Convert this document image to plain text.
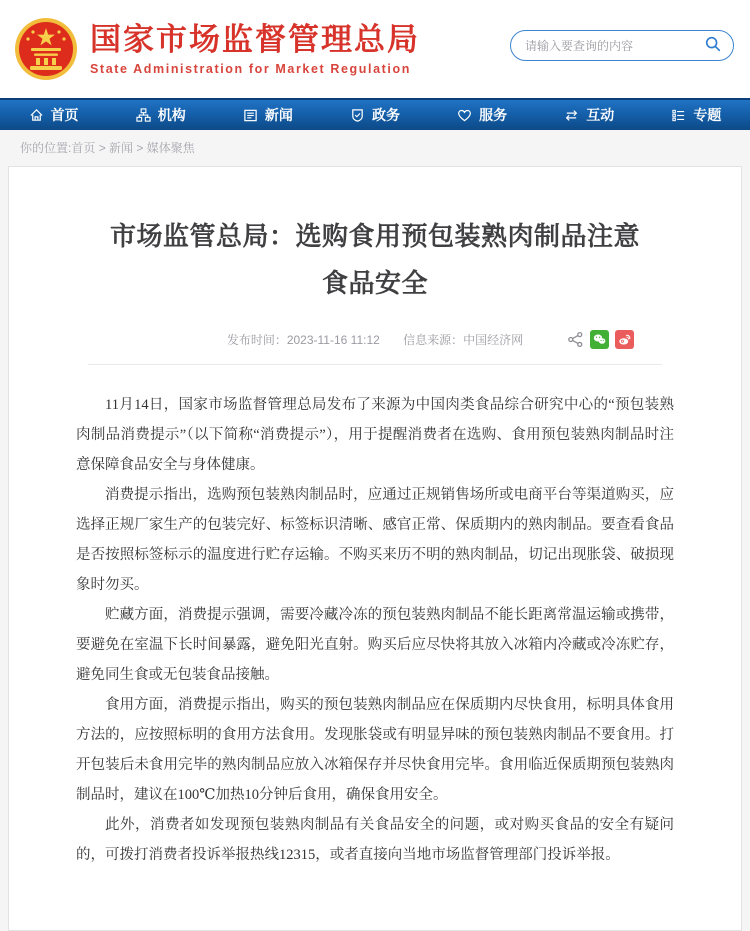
国家市场监督管理总局
State Administration for Market Regulation
请输入要查询的内容
首页	机构	新闻	政务	服务	互动	专题
你的位置:首页 > 新闻 > 媒体聚焦
市场监管总局：选购食用预包装熟肉制品注意食品安全
发布时间：2023-11-16 11:12 信息来源：中国经济网

11月14日，国家市场监督管理总局发布了来源为中国肉类食品综合研究中心的“预包装熟肉制品消费提示”（以下简称“消费提示”），用于提醒消费者在选购、食用预包装熟肉制品时注意保障食品安全与身体健康。

消费提示指出，选购预包装熟肉制品时，应通过正规销售场所或电商平台等渠道购买，应选择正规厂家生产的包装完好、标签标识清晰、感官正常、保质期内的熟肉制品。要查看食品是否按照标签标示的温度进行贮存运输。不购买来历不明的熟肉制品，切记出现胀袋、破损现象时勿买。

贮藏方面，消费提示强调，需要冷藏冷冻的预包装熟肉制品不能长距离常温运输或携带，要避免在室温下长时间暴露，避免阳光直射。购买后应尽快将其放入冰箱内冷藏或冷冻贮存，避免同生食或无包装食品接触。

食用方面，消费提示指出，购买的预包装熟肉制品应在保质期内尽快食用，标明具体食用方法的，应按照标明的食用方法食用。发现胀袋或有明显异味的预包装熟肉制品不要食用。打开包装后未食用完毕的熟肉制品应放入冰箱保存并尽快食用完毕。食用临近保质期预包装熟肉制品时，建议在100℃加热10分钟后食用，确保食用安全。

此外，消费者如发现预包装熟肉制品有关食品安全的问题，或对购买食品的安全有疑问的，可拨打消费者投诉举报热线12315，或者直接向当地市场监督管理部门投诉举报。
